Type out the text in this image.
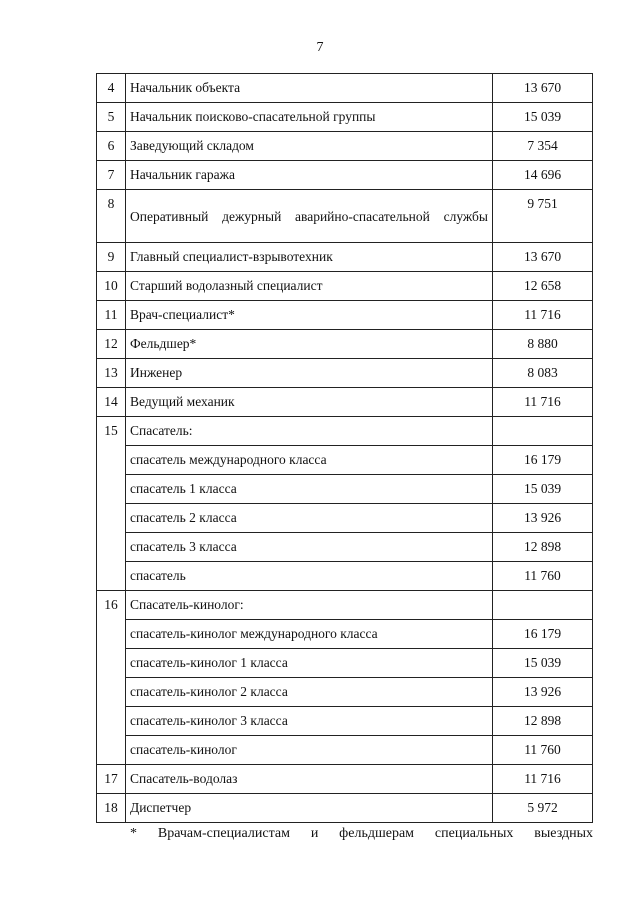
7
4	Начальник объекта	13 670
5	Начальник поисково-спасательной группы	15 039
6	Заведующий складом	7 354
7	Начальник гаража	14 696
8	Оперативный дежурный аварийно-спасательной службы	9 751
9	Главный специалист-взрывотехник	13 670
10	Старший водолазный специалист	12 658
11	Врач-специалист*	11 716
12	Фельдшер*	8 880
13	Инженер	8 083
14	Ведущий механик	11 716
15	Спасатель:	
	спасатель международного класса	16 179
	спасатель 1 класса	15 039
	спасатель 2 класса	13 926
	спасатель 3 класса	12 898
	спасатель	11 760
16	Спасатель-кинолог:	
	спасатель-кинолог международного класса	16 179
	спасатель-кинолог 1 класса	15 039
	спасатель-кинолог 2 класса	13 926
	спасатель-кинолог 3 класса	12 898
	спасатель-кинолог	11 760
17	Спасатель-водолаз	11 716
18	Диспетчер	5 972
* Врачам-специалистам и фельдшерам специальных выездных
